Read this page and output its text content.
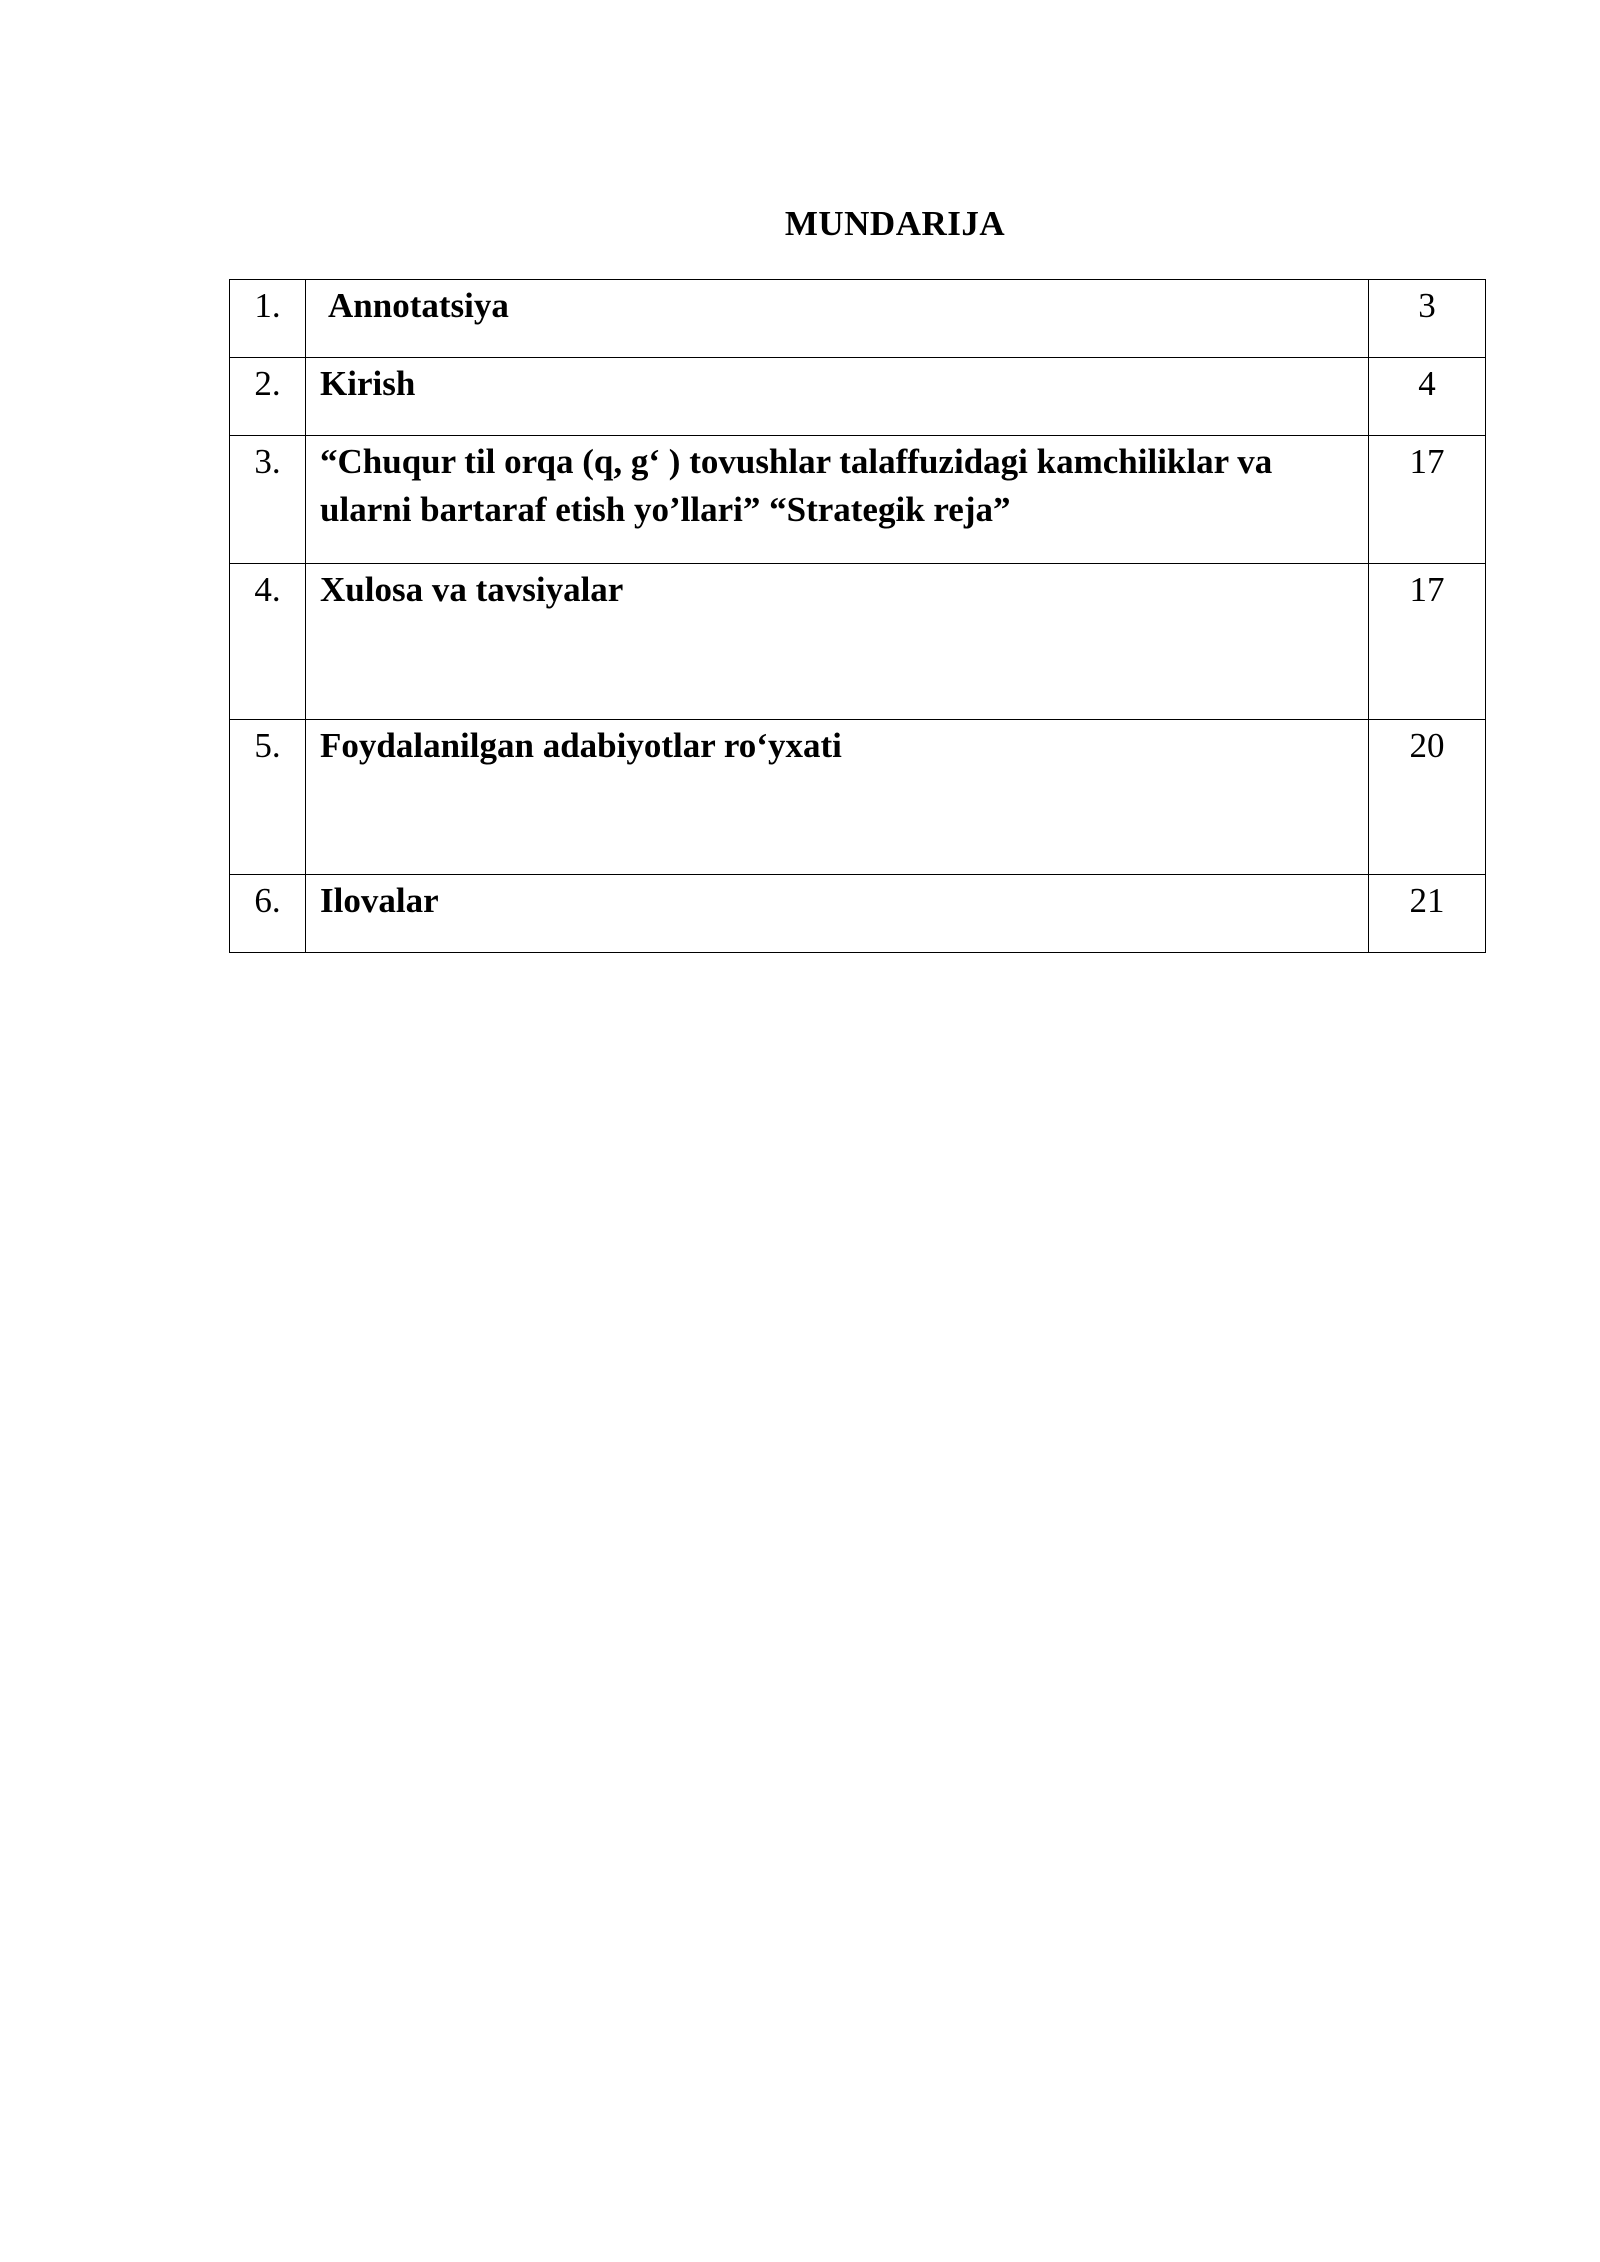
MUNDARIJA
1.	Annotatsiya	3
2.	Kirish	4
3.	“Chuqur til orqa (q, g‘ ) tovushlar talaffuzidagi kamchiliklar va ularni bartaraf etish yo’llari” “Strategik reja”	17
4.	Xulosa va tavsiyalar	17
5.	Foydalanilgan adabiyotlar ro‘yxati	20
6.	Ilovalar	21
